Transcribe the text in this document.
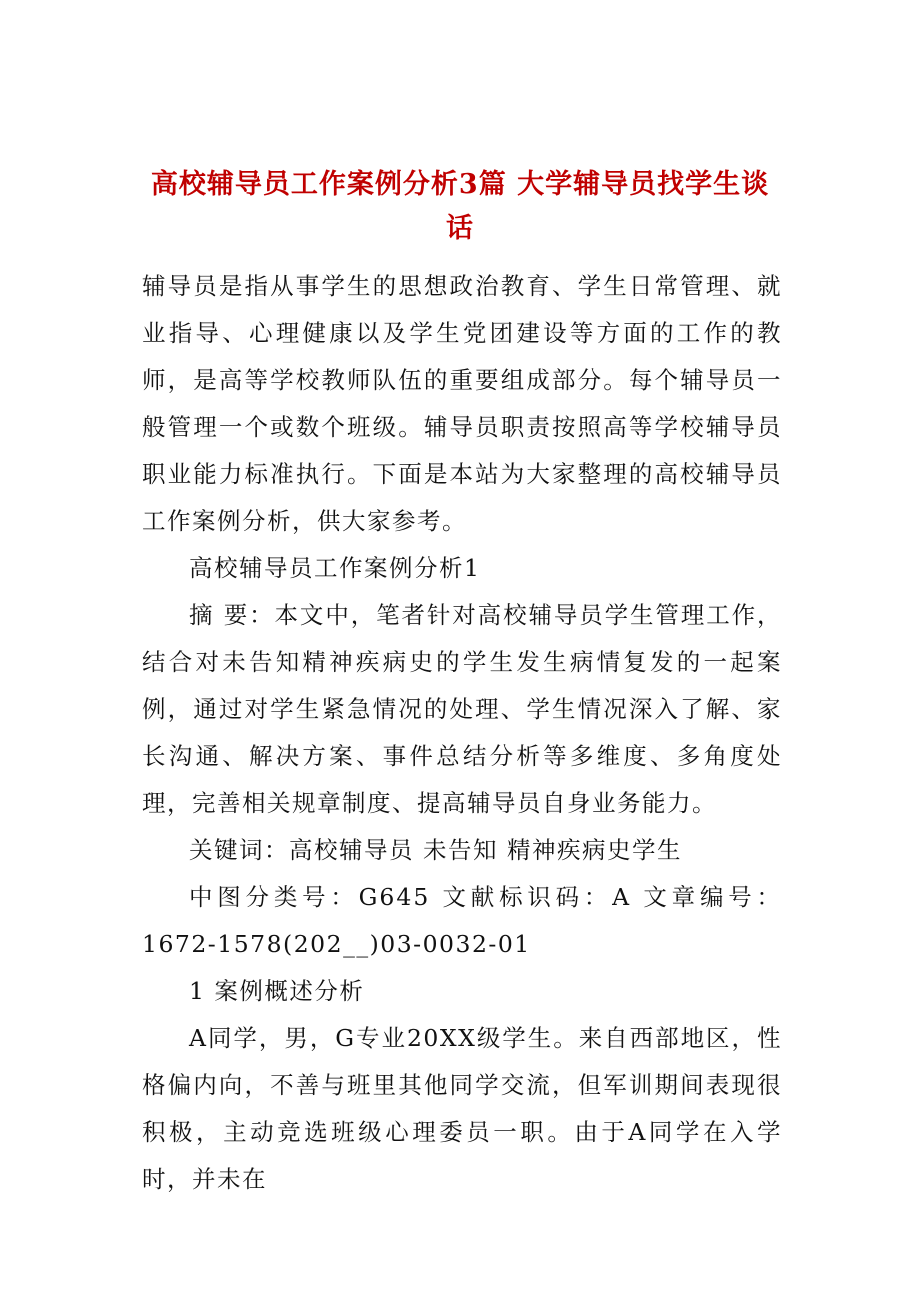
高校辅导员工作案例分析3篇 大学辅导员找学生谈话

辅导员是指从事学生的思想政治教育、学生日常管理、就业指导、心理健康以及学生党团建设等方面的工作的教师，是高等学校教师队伍的重要组成部分。每个辅导员一般管理一个或数个班级。辅导员职责按照高等学校辅导员职业能力标准执行。下面是本站为大家整理的高校辅导员工作案例分析，供大家参考。

高校辅导员工作案例分析1

摘 要：本文中，笔者针对高校辅导员学生管理工作，结合对未告知精神疾病史的学生发生病情复发的一起案例，通过对学生紧急情况的处理、学生情况深入了解、家长沟通、解决方案、事件总结分析等多维度、多角度处理，完善相关规章制度、提高辅导员自身业务能力。

关键词：高校辅导员 未告知 精神疾病史学生

中图分类号：G645 文献标识码：A 文章编号：

1672-1578(202__)03-0032-01

1 案例概述分析

A同学，男，G专业20XX级学生。来自西部地区，性格偏内向，不善与班里其他同学交流，但军训期间表现很积极，主动竞选班级心理委员一职。由于A同学在入学时，并未在
